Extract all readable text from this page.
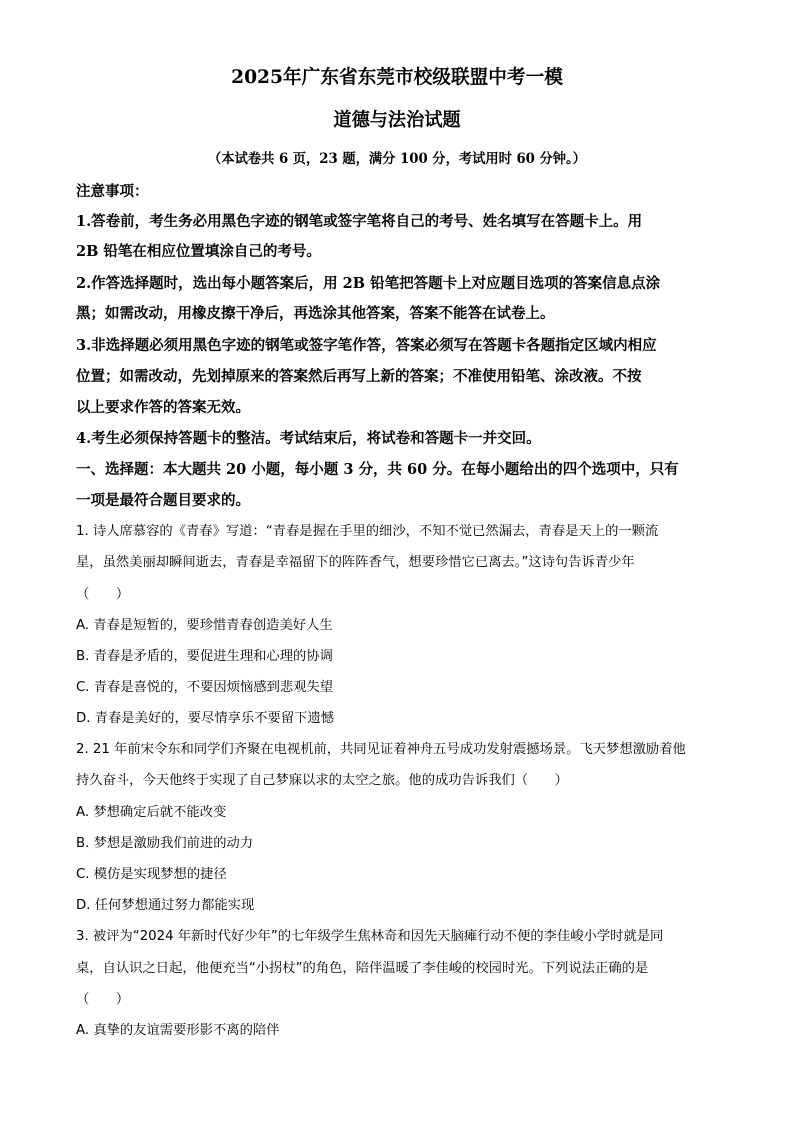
2025年广东省东莞市校级联盟中考一模
道德与法治试题
（本试卷共 6 页，23 题，满分 100 分，考试用时 60 分钟。）
注意事项：
1.答卷前，考生务必用黑色字迹的钢笔或签字笔将自己的考号、姓名填写在答题卡上。用
2B 铅笔在相应位置填涂自己的考号。
2.作答选择题时，选出每小题答案后，用 2B 铅笔把答题卡上对应题目选项的答案信息点涂
黑；如需改动，用橡皮擦干净后，再选涂其他答案，答案不能答在试卷上。
3.非选择题必须用黑色字迹的钢笔或签字笔作答，答案必须写在答题卡各题指定区域内相应
位置；如需改动，先划掉原来的答案然后再写上新的答案；不准使用铅笔、涂改液。不按
以上要求作答的答案无效。
4.考生必须保持答题卡的整洁。考试结束后，将试卷和答题卡一并交回。
一、选择题：本大题共 20 小题，每小题 3 分，共 60 分。在每小题给出的四个选项中，只有
一项是最符合题目要求的。
1. 诗人席慕容的《青春》写道：“青春是握在手里的细沙，不知不觉已然漏去，青春是天上的一颗流
星，虽然美丽却瞬间逝去，青春是幸福留下的阵阵香气，想要珍惜它已离去。”这诗句告诉青少年
（　　）
A. 青春是短暂的，要珍惜青春创造美好人生
B. 青春是矛盾的，要促进生理和心理的协调
C. 青春是喜悦的，不要因烦恼感到悲观失望
D. 青春是美好的，要尽情享乐不要留下遗憾
2. 21 年前宋令东和同学们齐聚在电视机前，共同见证着神舟五号成功发射震撼场景。飞天梦想激励着他
持久奋斗，今天他终于实现了自己梦寐以求的太空之旅。他的成功告诉我们（　　）
A. 梦想确定后就不能改变
B. 梦想是激励我们前进的动力
C. 模仿是实现梦想的捷径
D. 任何梦想通过努力都能实现
3. 被评为“2024 年新时代好少年”的七年级学生焦林奇和因先天脑瘫行动不便的李佳峻小学时就是同
桌，自认识之日起，他便充当“小拐杖”的角色，陪伴温暖了李佳峻的校园时光。下列说法正确的是
（　　）
A. 真挚的友谊需要形影不离的陪伴
